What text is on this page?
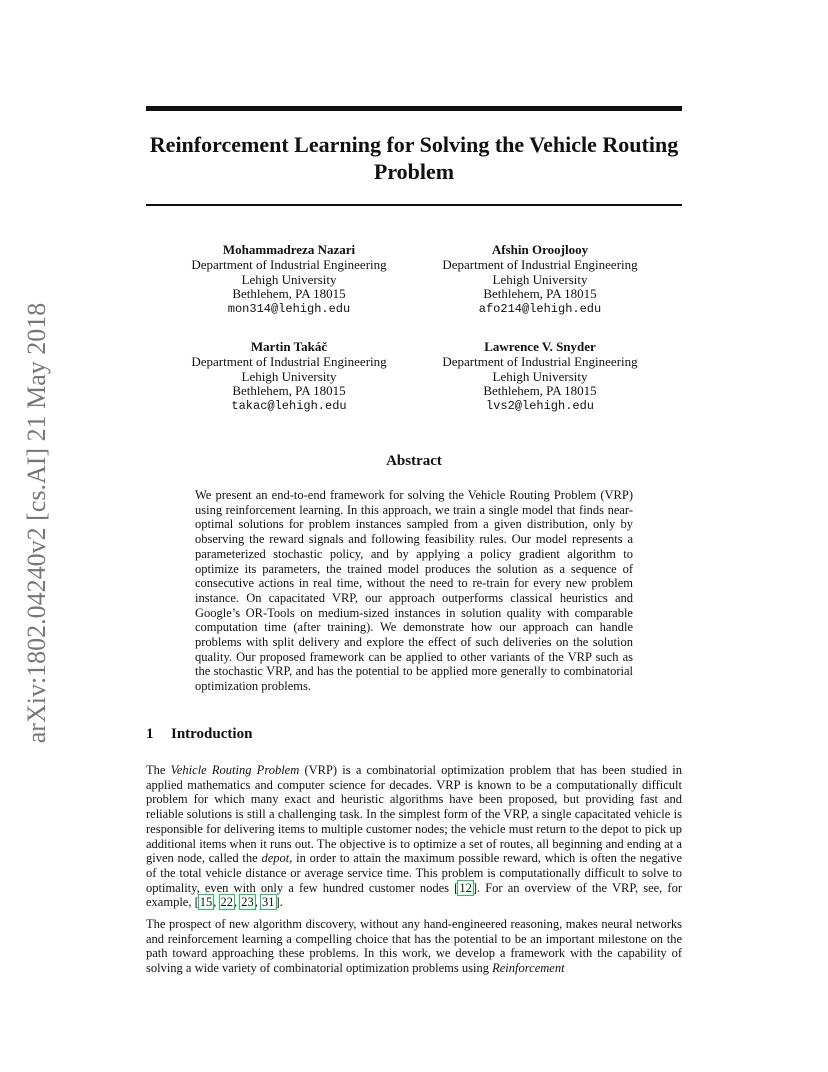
arXiv:1802.04240v2 [cs.AI] 21 May 2018
Reinforcement Learning for Solving the Vehicle Routing Problem
Mohammadreza Nazari
Department of Industrial Engineering
Lehigh University
Bethlehem, PA 18015
mon314@lehigh.edu
Afshin Oroojlooy
Department of Industrial Engineering
Lehigh University
Bethlehem, PA 18015
afo214@lehigh.edu
Martin Takáč
Department of Industrial Engineering
Lehigh University
Bethlehem, PA 18015
takac@lehigh.edu
Lawrence V. Snyder
Department of Industrial Engineering
Lehigh University
Bethlehem, PA 18015
lvs2@lehigh.edu
Abstract
We present an end-to-end framework for solving the Vehicle Routing Problem (VRP) using reinforcement learning. In this approach, we train a single model that finds near-optimal solutions for problem instances sampled from a given distribution, only by observing the reward signals and following feasibility rules. Our model represents a parameterized stochastic policy, and by applying a policy gradient algorithm to optimize its parameters, the trained model produces the solution as a sequence of consecutive actions in real time, without the need to re-train for every new problem instance. On capacitated VRP, our approach outperforms classical heuristics and Google’s OR-Tools on medium-sized instances in solution quality with comparable computation time (after training). We demonstrate how our approach can handle problems with split delivery and explore the effect of such deliveries on the solution quality. Our proposed framework can be applied to other variants of the VRP such as the stochastic VRP, and has the potential to be applied more generally to combinatorial optimization problems.
1 Introduction
The Vehicle Routing Problem (VRP) is a combinatorial optimization problem that has been studied in applied mathematics and computer science for decades. VRP is known to be a computationally difficult problem for which many exact and heuristic algorithms have been proposed, but providing fast and reliable solutions is still a challenging task. In the simplest form of the VRP, a single capacitated vehicle is responsible for delivering items to multiple customer nodes; the vehicle must return to the depot to pick up additional items when it runs out. The objective is to optimize a set of routes, all beginning and ending at a given node, called the depot, in order to attain the maximum possible reward, which is often the negative of the total vehicle distance or average service time. This problem is computationally difficult to solve to optimality, even with only a few hundred customer nodes [12]. For an overview of the VRP, see, for example, [15, 22, 23, 31].
The prospect of new algorithm discovery, without any hand-engineered reasoning, makes neural networks and reinforcement learning a compelling choice that has the potential to be an important milestone on the path toward approaching these problems. In this work, we develop a framework with the capability of solving a wide variety of combinatorial optimization problems using Reinforcement
